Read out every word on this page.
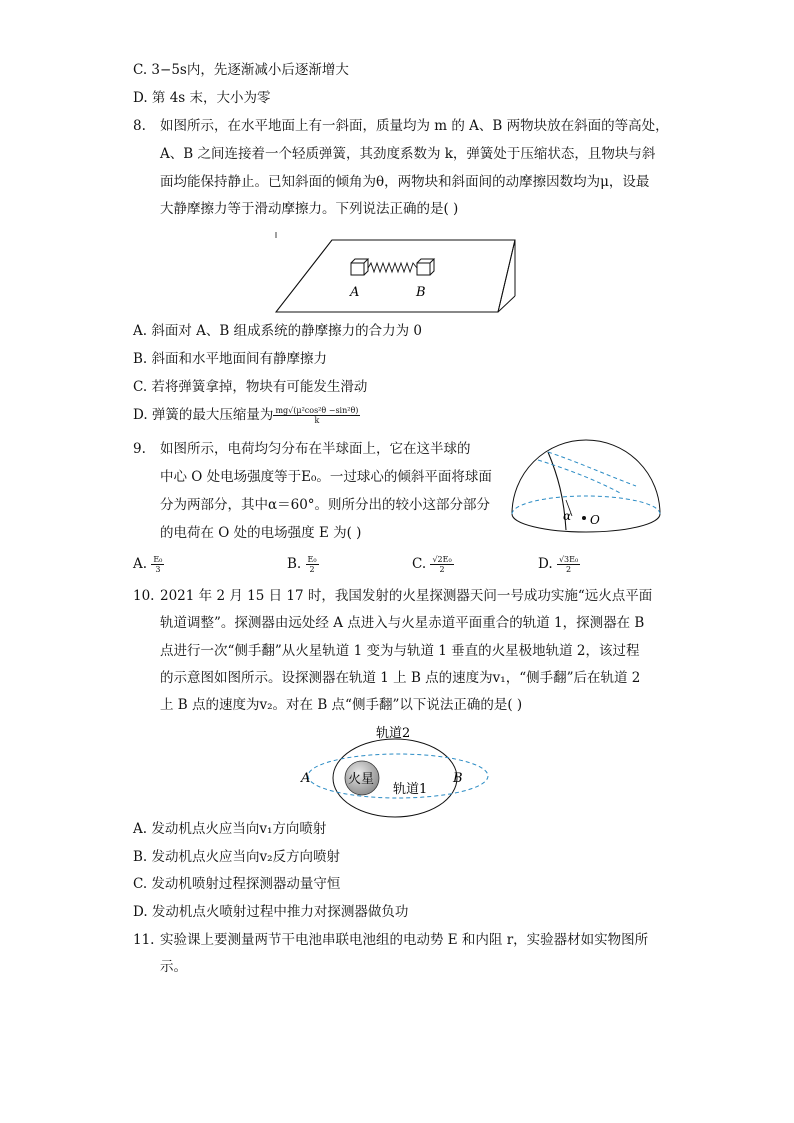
C. 3−5s内，先逐渐减小后逐渐增大
D. 第 4s 末，大小为零
8. 如图所示，在水平地面上有一斜面，质量均为 m 的 A、B 两物块放在斜面的等高处，
A、B 之间连接着一个轻质弹簧，其劲度系数为 k，弹簧处于压缩状态，且物块与斜
面均能保持静止。已知斜面的倾角为θ，两物块和斜面间的动摩擦因数均为μ，设最
大静摩擦力等于滑动摩擦力。下列说法正确的是( )
A	B
A. 斜面对 A、B 组成系统的静摩擦力的合力为 0
B. 斜面和水平地面间有静摩擦力
C. 若将弹簧拿掉，物块有可能发生滑动
D. 弹簧的最大压缩量为 $\frac{\text{mg√(μ²cos²θ −sin²θ)}}{k}$
9. 如图所示，电荷均匀分布在半球面上，它在这半球的
中心 O 处电场强度等于E₀。一过球心的倾斜平面将球面
分为两部分，其中α＝60°。则所分出的较小这部分部分
的电荷在 O 处的电场强度 E 为( )
α O
A. $\frac{\text{E₀}}{3}$	B. $\frac{\text{E₀}}{2}$	C. $\frac{\text{√2E₀}}{2}$	D. $\frac{\text{√3E₀}}{2}$
10. 2021 年 2 月 15 日 17 时，我国发射的火星探测器天问一号成功实施“远火点平面
轨道调整”。探测器由远处经 A 点进入与火星赤道平面重合的轨道 1，探测器在 B
点进行一次“侧手翻”从火星轨道 1 变为与轨道 1 垂直的火星极地轨道 2，该过程
的示意图如图所示。设探测器在轨道 1 上 B 点的速度为v₁，“侧手翻”后在轨道 2
上 B 点的速度为v₂。对在 B 点“侧手翻”以下说法正确的是( )
火星
轨道2
轨道1
A	B
A. 发动机点火应当向v₁方向喷射
B. 发动机点火应当向v₂反方向喷射
C. 发动机喷射过程探测器动量守恒
D. 发动机点火喷射过程中推力对探测器做负功
11. 实验课上要测量两节干电池串联电池组的电动势 E 和内阻 r，实验器材如实物图所
示。
